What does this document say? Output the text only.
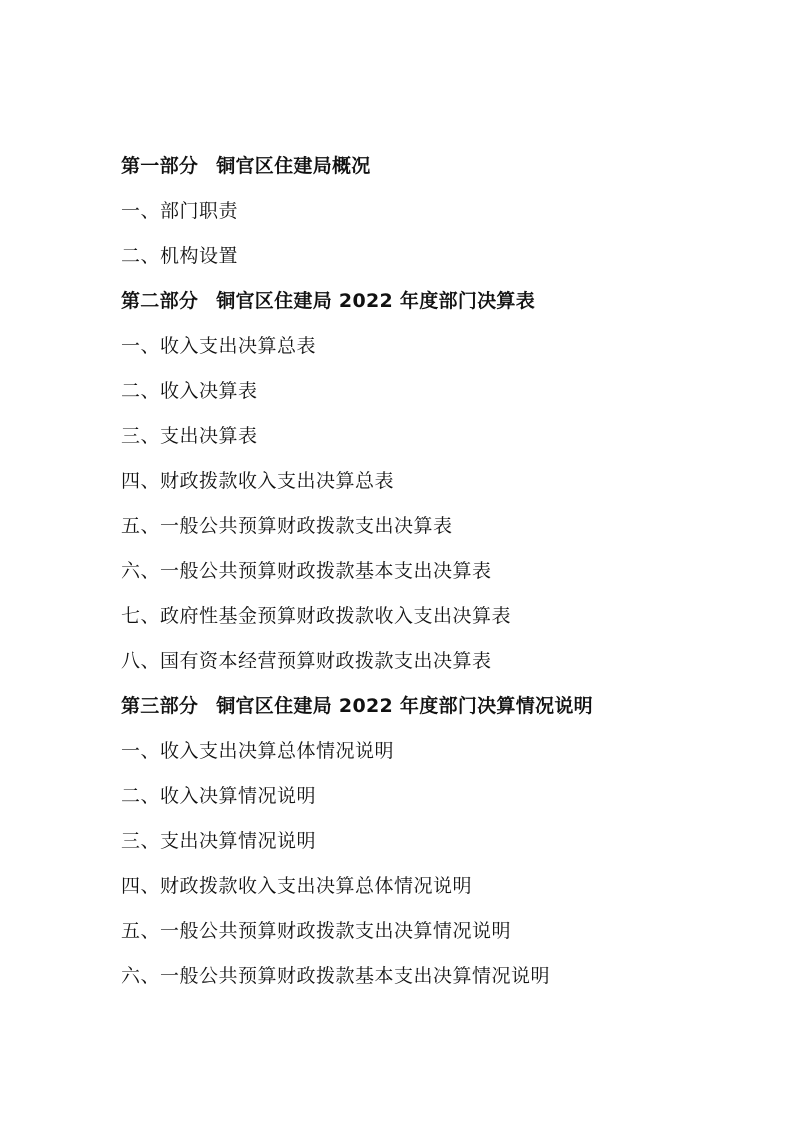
第一部分 铜官区住建局概况
一、部门职责
二、机构设置
第二部分 铜官区住建局 2022 年度部门决算表
一、收入支出决算总表
二、收入决算表
三、支出决算表
四、财政拨款收入支出决算总表
五、一般公共预算财政拨款支出决算表
六、一般公共预算财政拨款基本支出决算表
七、政府性基金预算财政拨款收入支出决算表
八、国有资本经营预算财政拨款支出决算表
第三部分 铜官区住建局 2022 年度部门决算情况说明
一、收入支出决算总体情况说明
二、收入决算情况说明
三、支出决算情况说明
四、财政拨款收入支出决算总体情况说明
五、一般公共预算财政拨款支出决算情况说明
六、一般公共预算财政拨款基本支出决算情况说明
